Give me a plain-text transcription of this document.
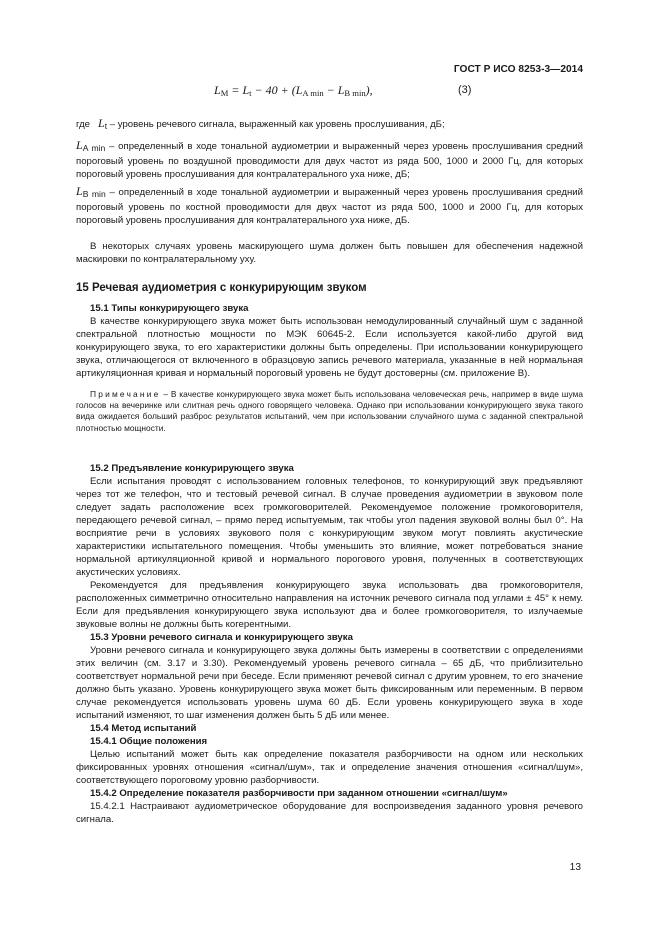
ГОСТ Р ИСО 8253-3—2014
$L_M = L_t - 40 + (L_{A min} - L_{B min})$,	(3)

где Lt – уровень речевого сигнала, выраженный как уровень прослушивания, дБ;

LA min – определенный в ходе тональной аудиометрии и выраженный через уровень прослушивания средний пороговый уровень по воздушной проводимости для двух частот из ряда 500, 1000 и 2000 Гц, для которых пороговый уровень прослушивания для контралатерального уха ниже, дБ;

LB min – определенный в ходе тональной аудиометрии и выраженный через уровень прослушивания средний пороговый уровень по костной проводимости для двух частот из ряда 500, 1000 и 2000 Гц, для которых пороговый уровень прослушивания для контралатерального уха ниже, дБ.

В некоторых случаях уровень маскирующего шума должен быть повышен для обеспечения надежной маскировки по контралатеральному уху.

15 Речевая аудиометрия с конкурирующим звуком

15.1 Типы конкурирующего звука

В качестве конкурирующего звука может быть использован немодулированный случайный шум с заданной спектральной плотностью мощности по МЭК 60645-2. Если используется какой-либо другой вид конкурирующего звука, то его характеристики должны быть определены. При использовании конкурирующего звука, отличающегося от включенного в образцовую запись речевого материала, указанные в ней нормальная артикуляционная кривая и нормальный пороговый уровень не будут достоверны (см. приложение В).

Примечание – В качестве конкурирующего звука может быть использована человеческая речь, например в виде шума голосов на вечеринке или слитная речь одного говорящего человека. Однако при использовании конкурирующего звука такого вида ожидается больший разброс результатов испытаний, чем при использовании случайного шума с заданной спектральной плотностью мощности.

15.2 Предъявление конкурирующего звука

Если испытания проводят с использованием головных телефонов, то конкурирующий звук предъявляют через тот же телефон, что и тестовый речевой сигнал. В случае проведения аудиометрии в звуковом поле следует задать расположение всех громкоговорителей. Рекомендуемое положение громкоговорителя, передающего речевой сигнал, – прямо перед испытуемым, так чтобы угол падения звуковой волны был 0°. На восприятие речи в условиях звукового поля с конкурирующим звуком могут повлиять акустические характеристики испытательного помещения. Чтобы уменьшить это влияние, может потребоваться знание нормальной артикуляционной кривой и нормального порогового уровня, полученных в соответствующих акустических условиях.

Рекомендуется для предъявления конкурирующего звука использовать два громкоговорителя, расположенных симметрично относительно направления на источник речевого сигнала под углами ± 45° к нему. Если для предъявления конкурирующего звука используют два и более громкоговорителя, то излучаемые звуковые волны не должны быть когерентными.

15.3 Уровни речевого сигнала и конкурирующего звука

Уровни речевого сигнала и конкурирующего звука должны быть измерены в соответствии с определениями этих величин (см. 3.17 и 3.30). Рекомендуемый уровень речевого сигнала – 65 дБ, что приблизительно соответствует нормальной речи при беседе. Если применяют речевой сигнал с другим уровнем, то его значение должно быть указано. Уровень конкурирующего звука может быть фиксированным или переменным. В первом случае рекомендуется использовать уровень шума 60 дБ. Если уровень конкурирующего звука в ходе испытаний изменяют, то шаг изменения должен быть 5 дБ или менее.

15.4 Метод испытаний

15.4.1 Общие положения

Целью испытаний может быть как определение показателя разборчивости на одном или нескольких фиксированных уровнях отношения «сигнал/шум», так и определение значения отношения «сигнал/шум», соответствующего пороговому уровню разборчивости.

15.4.2 Определение показателя разборчивости при заданном отношении «сигнал/шум»

15.4.2.1 Настраивают аудиометрическое оборудование для воспроизведения заданного уровня речевого сигнала.

13
